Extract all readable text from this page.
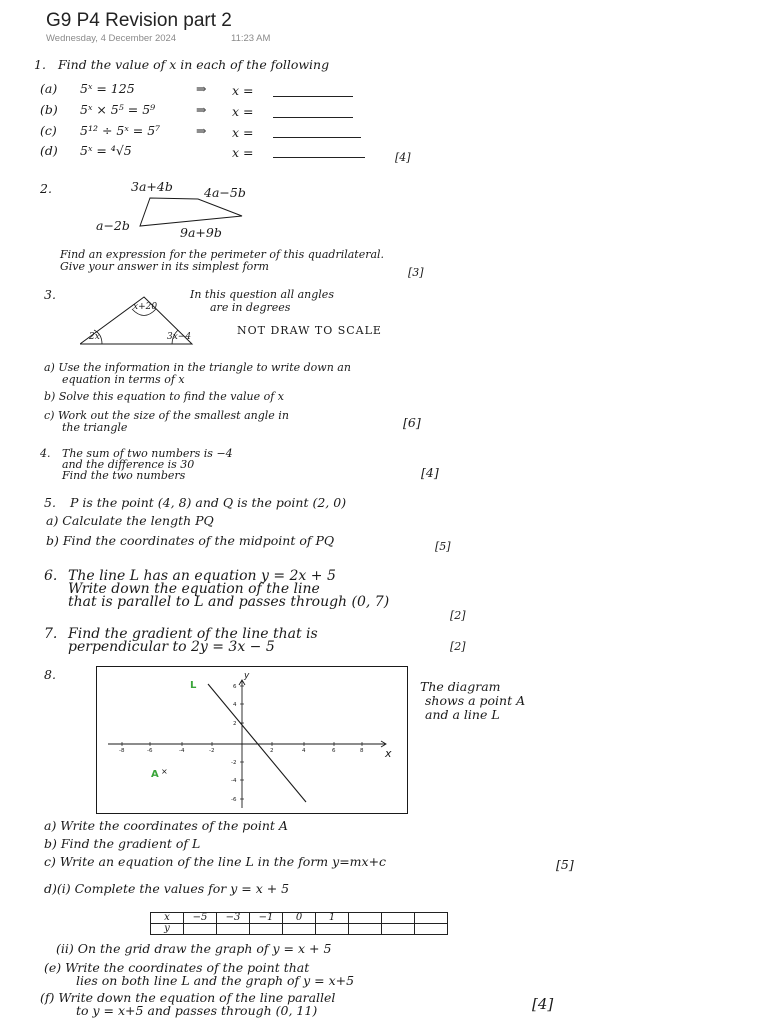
G9 P4 Revision part 2
Wednesday, 4 December 2024	11:23 AM
1. Find the value of x in each of the following
(a) 5ˣ = 125	⇒ x =
(b) 5ˣ × 5⁵ = 5⁹	⇒ x =
(c) 5¹² ÷ 5ˣ = 5⁷	⇒ x =
(d) 5ˣ = ⁴√5	x =	[4]
2.	3a+4b 4a−5b
a−2b	9a+9b
Find an expression for the perimeter of this quadrilateral.
Give your answer in its simplest form	[3]
3.
x+20
2x	3x−4
In this question all angles
are in degrees
NOT DRAW TO SCALE
a) Use the information in the triangle to write down an
equation in terms of x
b) Solve this equation to find the value of x
c) Work out the size of the smallest angle in
the triangle	[6]
4. The sum of two numbers is −4
and the difference is 30
Find the two numbers	[4]
5. P is the point (4, 8) and Q is the point (2, 0)
a) Calculate the length PQ
b) Find the coordinates of the midpoint of PQ	[5]
6. The line L has an equation y = 2x + 5
Write down the equation of the line
that is parallel to L and passes through (0, 7)
[2]
7. Find the gradient of the line that is
perpendicular to 2y = 3x − 5	[2]
8.
-8	-6	-4	-2	2	4	6	8
6
4
2
-2
-4
-6
x
y
L
A ×
The diagram
shows a point A
and a line L
a) Write the coordinates of the point A
b) Find the gradient of L
c) Write an equation of the line L in the form y=mx+c	[5]
d)(i) Complete the values for y = x + 5
x	−5	−3	−1	0	1			
y								
(ii) On the grid draw the graph of y = x + 5
(e) Write the coordinates of the point that
lies on both line L and the graph of y = x+5
(f) Write down the equation of the line parallel
to y = x+5 and passes through (0, 11)	[4]
